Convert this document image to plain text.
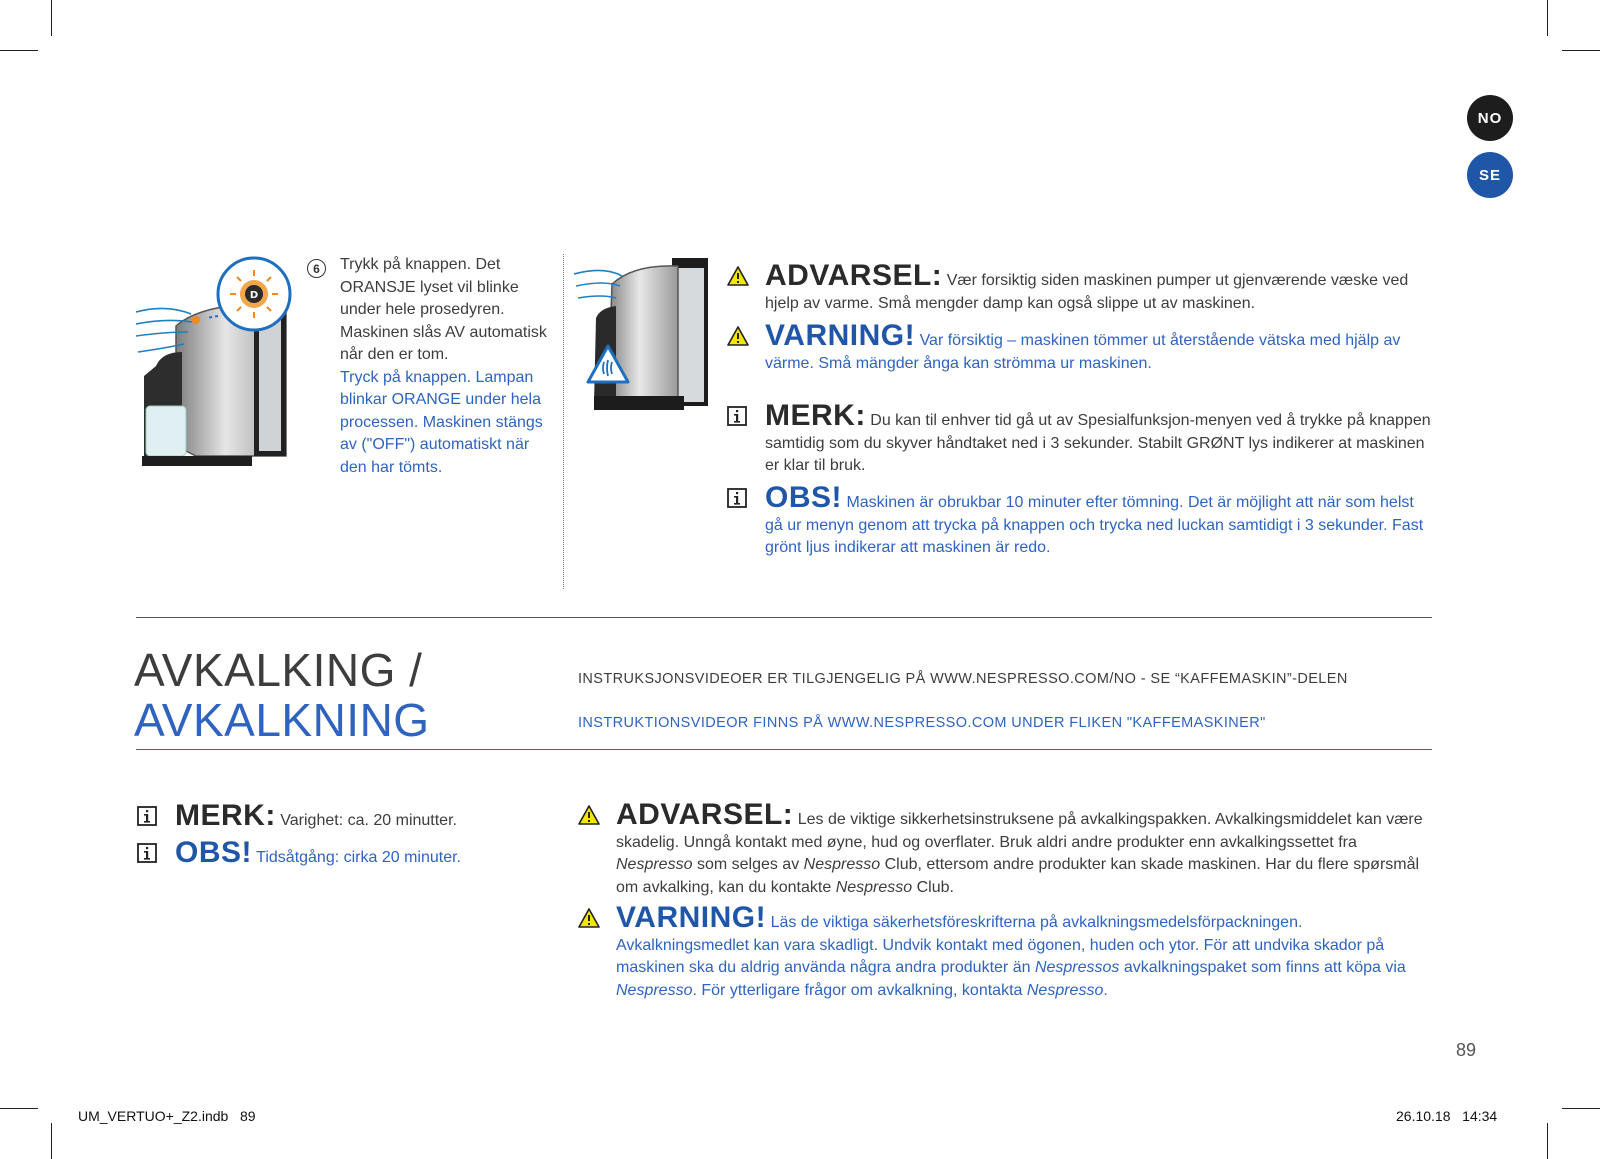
NO
SE
D
6	Trykk på knappen. Det ORANSJE lyset vil blinke under hele prosedyren. Maskinen slås AV automatisk når den er tom.
Tryck på knappen. Lampan blinkar ORANGE under hela processen. Maskinen stängs av ("OFF") automatiskt när den har tömts.
ADVARSEL: Vær forsiktig siden maskinen pumper ut gjenværende væske ved hjelp av varme. Små mengder damp kan også slippe ut av maskinen.
VARNING! Var försiktig – maskinen tömmer ut återstående vätska med hjälp av värme. Små mängder ånga kan strömma ur maskinen.
MERK: Du kan til enhver tid gå ut av Spesialfunksjon-menyen ved å trykke på knappen samtidig som du skyver håndtaket ned i 3 sekunder. Stabilt GRØNT lys indikerer at maskinen er klar til bruk.
OBS! Maskinen är obrukbar 10 minuter efter tömning. Det är möjlight att när som helst gå ur menyn genom att trycka på knappen och trycka ned luckan samtidigt i 3 sekunder. Fast grönt ljus indikerar att maskinen är redo.
AVKALKING /
AVKALKNING
INSTRUKSJONSVIDEOER ER TILGJENGELIG PÅ WWW.NESPRESSO.COM/NO - SE “KAFFEMASKIN”-DELEN
INSTRUKTIONSVIDEOR FINNS PÅ WWW.NESPRESSO.COM UNDER FLIKEN "KAFFEMASKINER"
MERK: Varighet: ca. 20 minutter.
OBS! Tidsåtgång: cirka 20 minuter.
ADVARSEL: Les de viktige sikkerhetsinstruksene på avkalkingspakken. Avkalkingsmiddelet kan være skadelig. Unngå kontakt med øyne, hud og overflater. Bruk aldri andre produkter enn avkalkingssettet fra Nespresso som selges av Nespresso Club, ettersom andre produkter kan skade maskinen. Har du flere spørsmål om avkalking, kan du kontakte Nespresso Club.
VARNING! Läs de viktiga säkerhetsföreskrifterna på avkalkningsmedelsförpackningen. Avkalkningsmedlet kan vara skadligt. Undvik kontakt med ögonen, huden och ytor. För att undvika skador på maskinen ska du aldrig använda några andra produkter än Nespressos avkalkningspaket som finns att köpa via Nespresso. För ytterligare frågor om avkalkning, kontakta Nespresso.
89
UM_VERTUO+_Z2.indb   89	26.10.18   14:34
